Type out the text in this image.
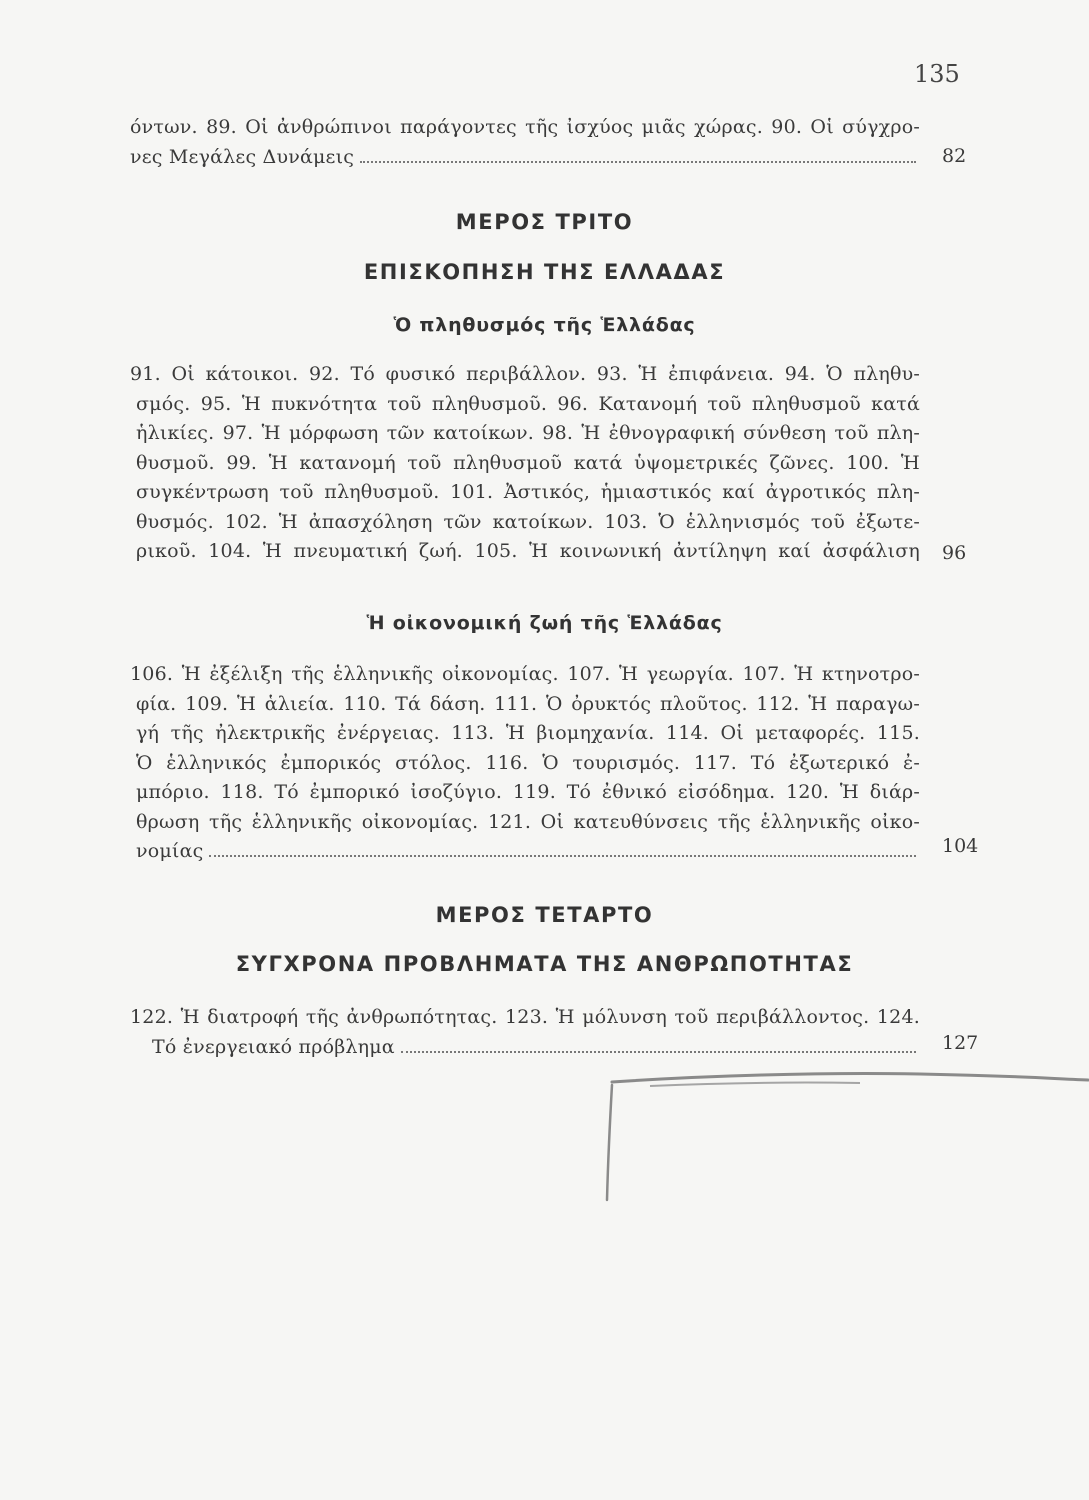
135
όντων. 89. Οἱ ἀνθρώπινοι παράγοντες τῆς ἰσχύος μιᾶς χώρας. 90. Οἱ σύγχρο-
νες Μεγάλες Δυνάμεις	82
ΜΕΡΟΣ ΤΡΙΤΟ
ΕΠΙΣΚΟΠΗΣΗ ΤΗΣ ΕΛΛΑΔΑΣ
Ὁ πληθυσμός τῆς Ἑλλάδας
91. Οἱ κάτοικοι. 92. Τό φυσικό περιβάλλον. 93. Ἡ ἐπιφάνεια. 94. Ὁ πληθυ-
σμός. 95. Ἡ πυκνότητα τοῦ πληθυσμοῦ. 96. Κατανομή τοῦ πληθυσμοῦ κατά
ἡλικίες. 97. Ἡ μόρφωση τῶν κατοίκων. 98. Ἡ ἐθνογραφική σύνθεση τοῦ πλη-
θυσμοῦ. 99. Ἡ κατανομή τοῦ πληθυσμοῦ κατά ὑψομετρικές ζῶνες. 100. Ἡ
συγκέντρωση τοῦ πληθυσμοῦ. 101. Ἀστικός, ἡμιαστικός καί ἀγροτικός πλη-
θυσμός. 102. Ἡ ἀπασχόληση τῶν κατοίκων. 103. Ὁ ἑλληνισμός τοῦ ἐξωτε-
ρικοῦ. 104. Ἡ πνευματική ζωή. 105. Ἡ κοινωνική ἀντίληψη καί ἀσφάλιση 96
Ἡ οἰκονομική ζωή τῆς Ἑλλάδας
106. Ἡ ἐξέλιξη τῆς ἑλληνικῆς οἰκονομίας. 107. Ἡ γεωργία. 107. Ἡ κτηνοτρο-
φία. 109. Ἡ ἁλιεία. 110. Τά δάση. 111. Ὁ ὀρυκτός πλοῦτος. 112. Ἡ παραγω-
γή τῆς ἠλεκτρικῆς ἐνέργειας. 113. Ἡ βιομηχανία. 114. Οἱ μεταφορές. 115.
Ὁ ἑλληνικός ἐμπορικός στόλος. 116. Ὁ τουρισμός. 117. Τό ἐξωτερικό ἐ-
μπόριο. 118. Τό ἐμπορικό ἰσοζύγιο. 119. Τό ἐθνικό εἰσόδημα. 120. Ἡ διάρ-
θρωση τῆς ἑλληνικῆς οἰκονομίας. 121. Οἱ κατευθύνσεις τῆς ἑλληνικῆς οἰκο-
νομίας	104
ΜΕΡΟΣ ΤΕΤΑΡΤΟ
ΣΥΓΧΡΟΝΑ ΠΡΟΒΛΗΜΑΤΑ ΤΗΣ ΑΝΘΡΩΠΟΤΗΤΑΣ
122. Ἡ διατροφή τῆς ἀνθρωπότητας. 123. Ἡ μόλυνση τοῦ περιβάλλοντος. 124.
Τό ἐνεργειακό πρόβλημα	127
